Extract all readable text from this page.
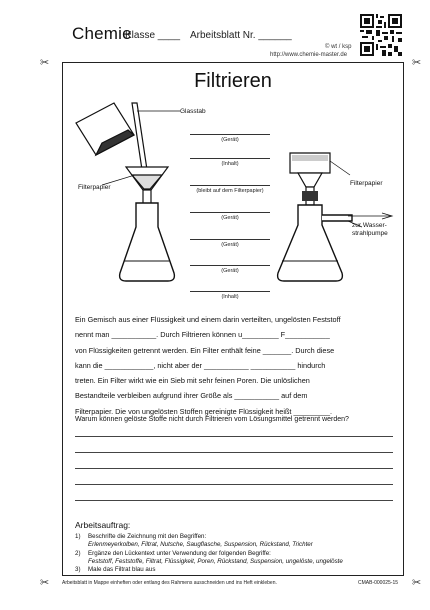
Chemie
Klasse ____ Arbeitsblatt Nr. ______
© wt / ksp
http://www.chemie-master.de
✂	✂
✂	✂
Filtrieren
Glasstab
Filterpapier
Filterpapier
zur Wasser-
strahlpumpe
(Gerät)
(Inhalt)
(bleibt auf dem Filterpapier)
(Gerät)
(Gerät)
(Gerät)
(Inhalt)
Ein Gemisch aus einer Flüssigkeit und einem darin verteilten, ungelösten Feststoff
nennt man ___________. Durch Filtrieren können u_________ F___________
von Flüssigkeiten getrennt werden. Ein Filter enthält feine _______. Durch diese
kann die ____________, nicht aber der ___________ ___________ hindurch
treten. Ein Filter wirkt wie ein Sieb mit sehr feinen Poren. Die unlöslichen
Bestandteile verbleiben aufgrund ihrer Größe als ___________ auf dem
Filterpapier. Die von ungelösten Stoffen gereinigte Flüssigkeit heißt _________.
Warum können gelöste Stoffe nicht durch Filtrieren vom Lösungsmittel getrennt werden?
Arbeitsauftrag:
1) Beschrifte die Zeichnung mit den Begriffen:
Erlenmeyerkolben, Filtrat, Nutsche, Saugflasche, Suspension, Rückstand, Trichter
2) Ergänze den Lückentext unter Verwendung der folgenden Begriffe:
Feststoff, Feststoffe, Filtrat, Flüssigkeit, Poren, Rückstand, Suspension, ungelöste, ungelöste
3) Male das Filtrat blau aus
Arbeitsblatt in Mappe einheften oder entlang des Rahmens ausschneiden und ins Heft einkleben.	CMAB-000025-15
